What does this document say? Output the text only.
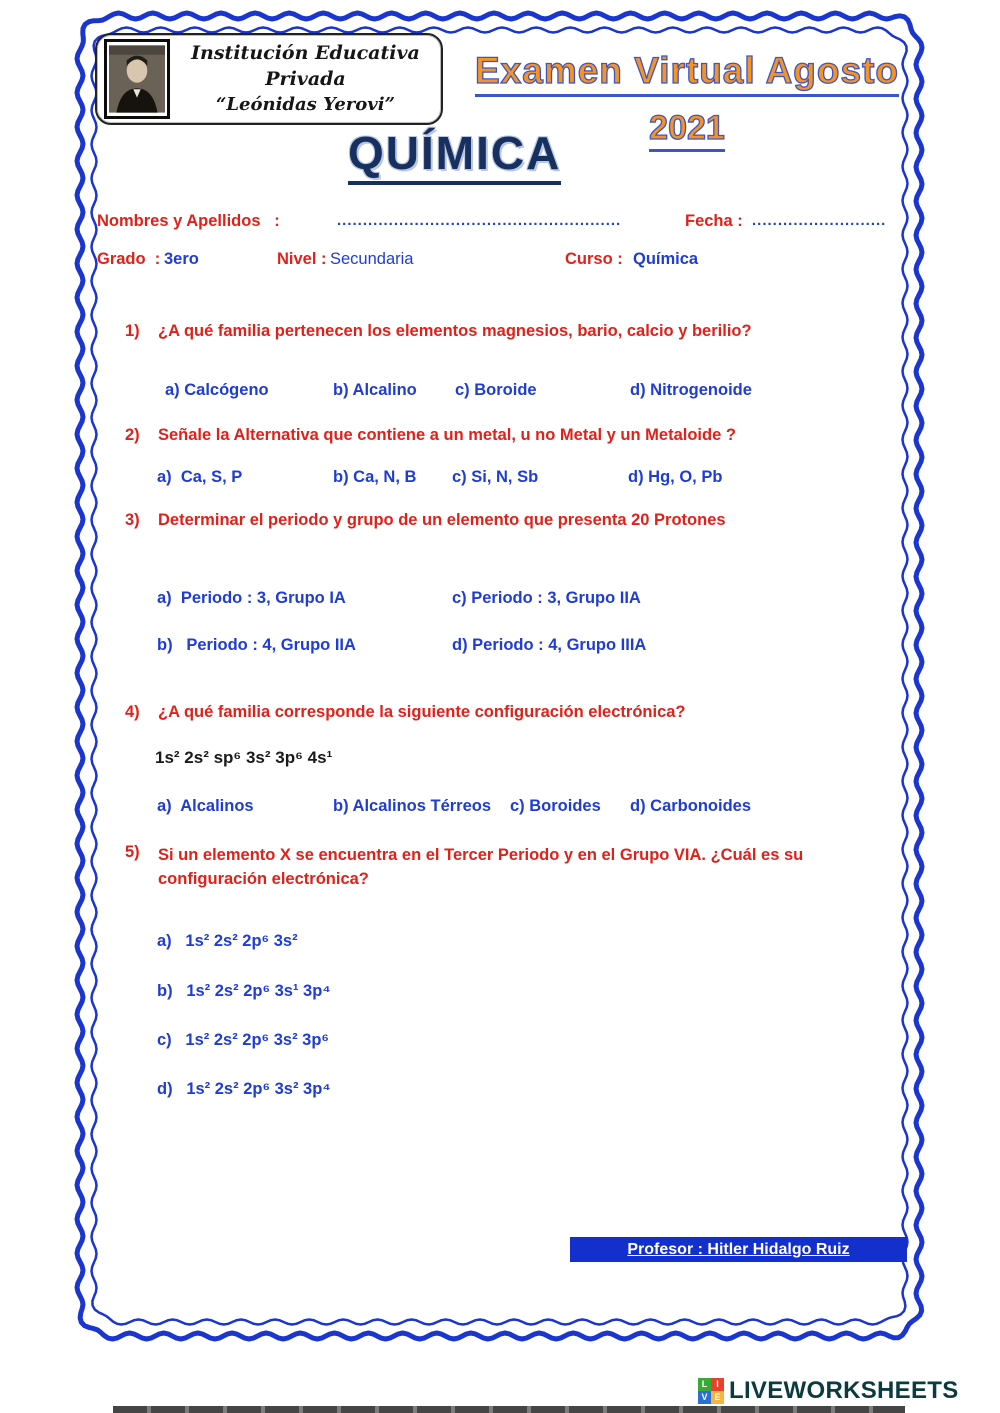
Institución Educativa Privada
“Leónidas Yerovi”
Examen Virtual Agosto
2021
QUÍMICA
Nombres y Apellidos   :	.......................................................	Fecha : ..........................
Grado  : 3ero	Nivel : Secundaria	Curso : Química
1) ¿A qué familia pertenecen los elementos magnesios, bario, calcio y berilio?
a) Calcógeno	b) Alcalino c) Boroide	d) Nitrogenoide
2) Señale la Alternativa que contiene a un metal, u no Metal y un Metaloide ?
a)  Ca, S, P	b) Ca, N, B c) Si, N, Sb	d) Hg, O, Pb
3) Determinar el periodo y grupo de un elemento que presenta 20 Protones
a)  Periodo : 3, Grupo IA	c) Periodo : 3, Grupo IIA
b)   Periodo : 4, Grupo IIA	d) Periodo : 4, Grupo IIIA
4) ¿A qué familia corresponde la siguiente configuración electrónica?
1s² 2s² sp⁶ 3s² 3p⁶ 4s¹
a)  Alcalinos	b) Alcalinos Térreos c) Boroides d) Carbonoides
5) Si un elemento X se encuentra en el Tercer Periodo y en el Grupo VIA. ¿Cuál es su configuración electrónica?
a)   1s² 2s² 2p⁶ 3s²
b)   1s² 2s² 2p⁶ 3s¹ 3p⁴
c)   1s² 2s² 2p⁶ 3s² 3p⁶
d)   1s² 2s² 2p⁶ 3s² 3p⁴
Profesor : Hitler Hidalgo Ruiz
L I
V E LIVEWORKSHEETS
